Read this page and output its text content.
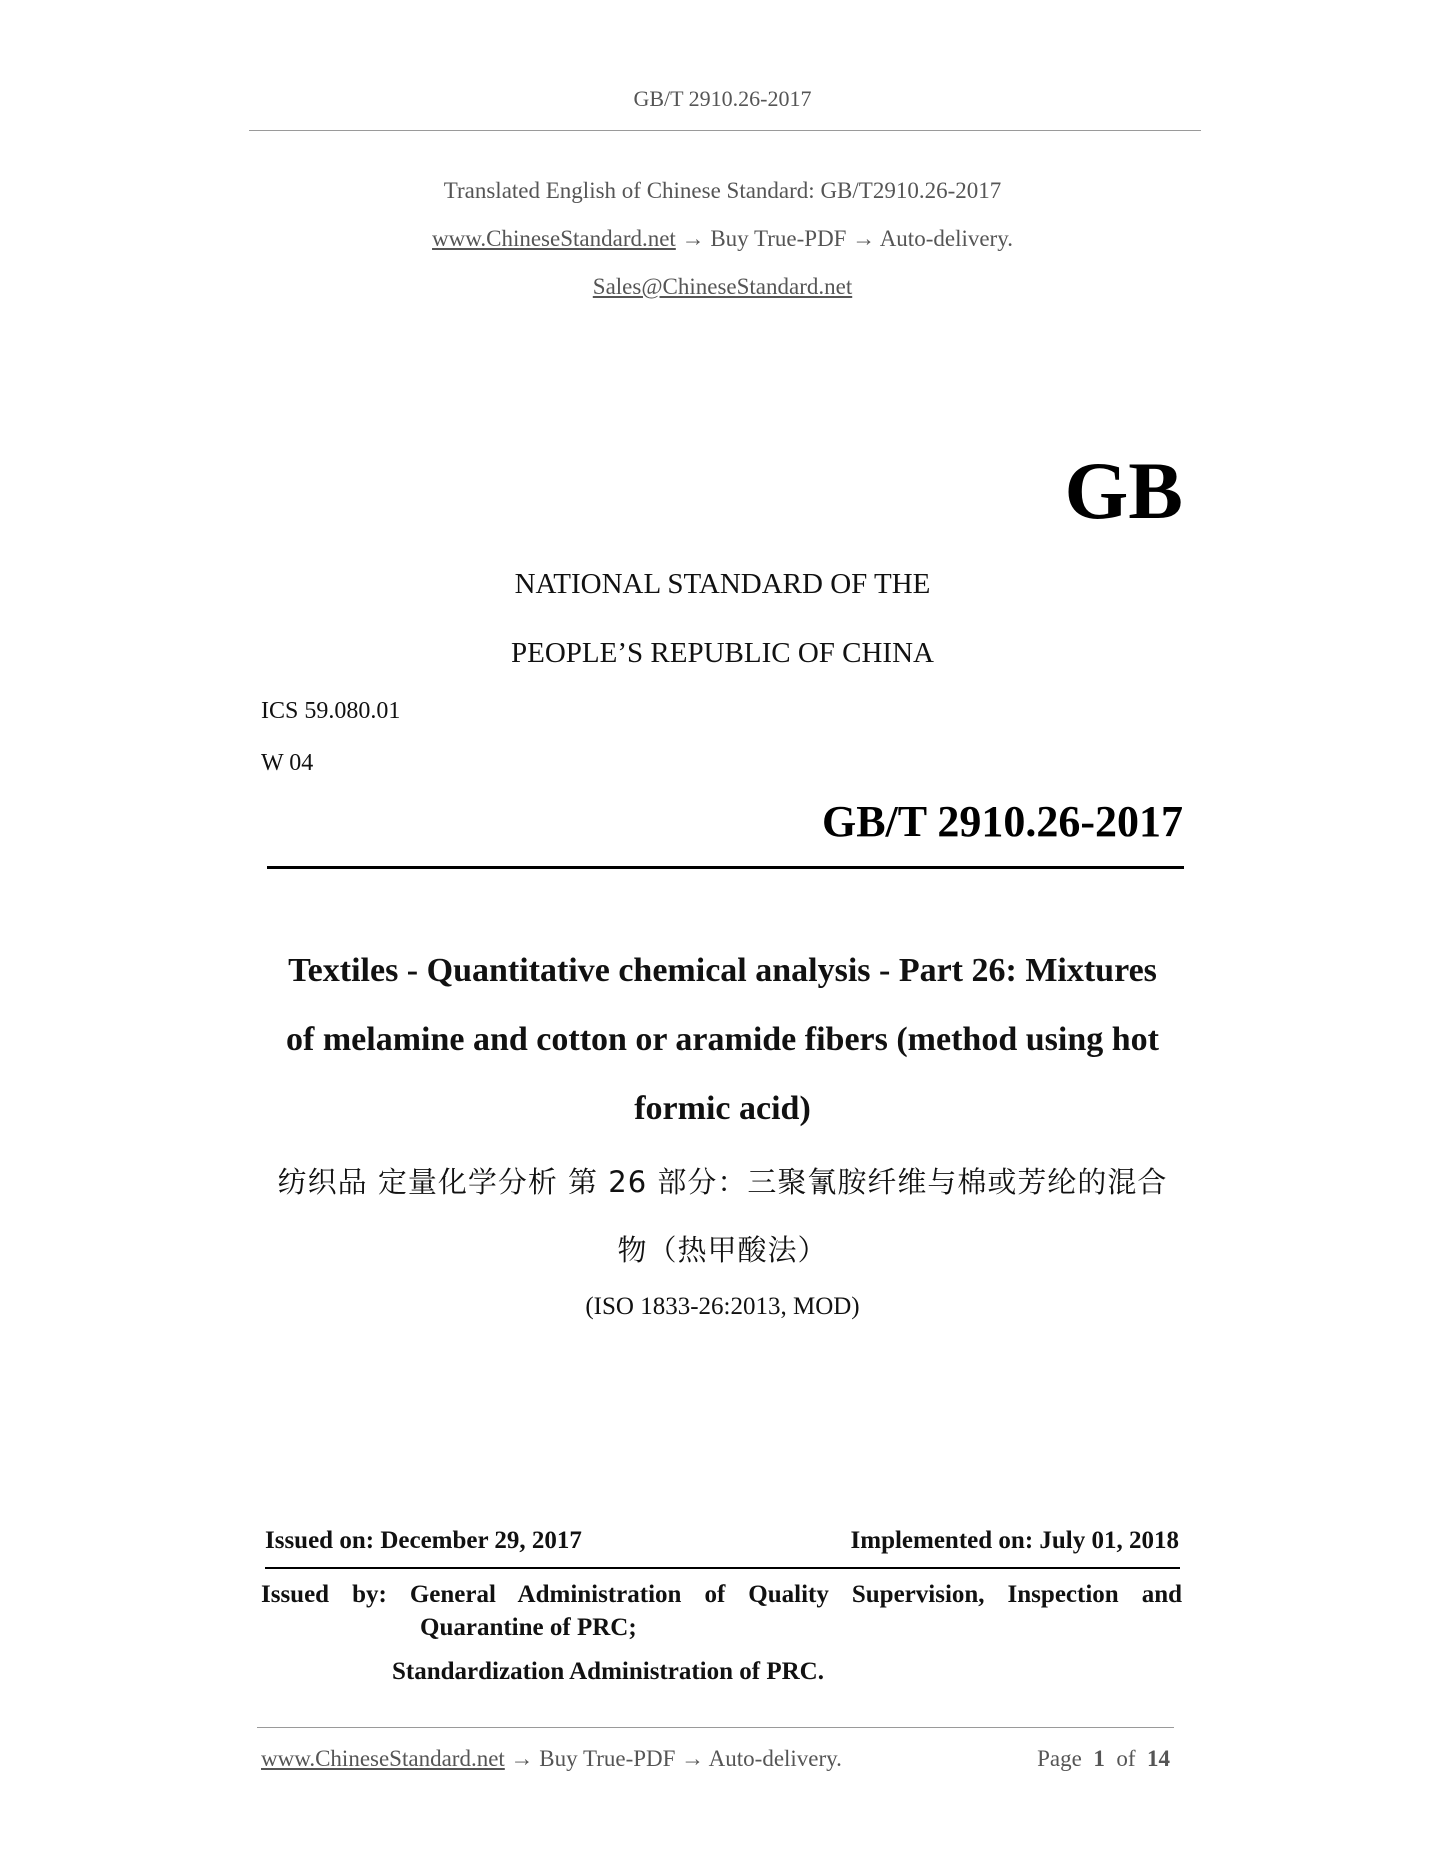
GB/T 2910.26-2017
Translated English of Chinese Standard: GB/T2910.26-2017
www.ChineseStandard.net → Buy True-PDF → Auto-delivery.
Sales@ChineseStandard.net
GB
NATIONAL STANDARD OF THE
PEOPLE’S REPUBLIC OF CHINA
ICS 59.080.01
W 04
GB/T 2910.26-2017
Textiles - Quantitative chemical analysis - Part 26: Mixtures
of melamine and cotton or aramide fibers (method using hot
formic acid)
纺织品 定量化学分析 第 26 部分：三聚氰胺纤维与棉或芳纶的混合
物（热甲酸法）
(ISO 1833-26:2013, MOD)
Issued on: December 29, 2017	Implemented on: July 01, 2018
Issued by: General Administration of Quality Supervision, Inspection and
Quarantine of PRC;
Standardization Administration of PRC.
www.ChineseStandard.net → Buy True-PDF → Auto-delivery.	Page 1 of 14
